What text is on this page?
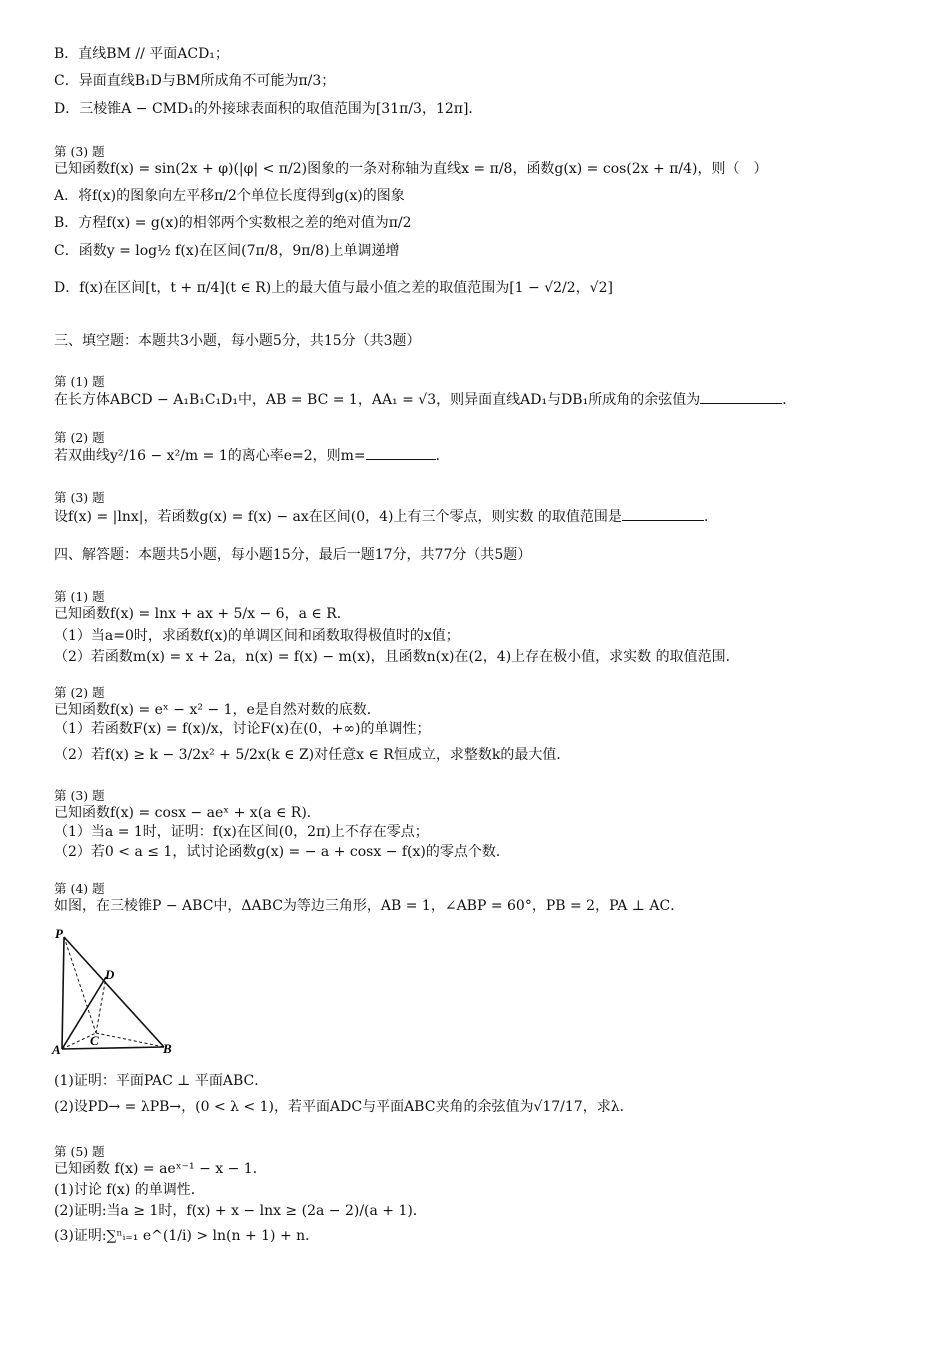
B．直线BM // 平面ACD₁；
C．异面直线B₁D与BM所成角不可能为π/3；
D．三棱锥A − CMD₁的外接球表面积的取值范围为[31π/3，12π]．
第 (3) 题
已知函数f(x) = sin(2x + φ)(|φ| < π/2)图象的一条对称轴为直线x = π/8，函数g(x) = cos(2x + π/4)，则（　）
A．将f(x)的图象向左平移π/2个单位长度得到g(x)的图象
B．方程f(x) = g(x)的相邻两个实数根之差的绝对值为π/2
C．函数y = log½ f(x)在区间(7π/8，9π/8)上单调递增
D．f(x)在区间[t，t + π/4](t ∈ R)上的最大值与最小值之差的取值范围为[1 − √2/2，√2]
三、填空题：本题共3小题，每小题5分，共15分（共3题）
第 (1) 题
在长方体ABCD − A₁B₁C₁D₁中，AB = BC = 1，AA₁ = √3，则异面直线AD₁与DB₁所成角的余弦值为	．
第 (2) 题
若双曲线y²/16 − x²/m = 1的离心率e=2，则m=	．
第 (3) 题
设f(x) = |lnx|，若函数g(x) = f(x) − ax在区间(0，4)上有三个零点，则实数 的取值范围是	．
四、解答题：本题共5小题，每小题15分，最后一题17分，共77分（共5题）
第 (1) 题
已知函数f(x) = lnx + ax + 5/x − 6，a ∈ R．
（1）当a=0时，求函数f(x)的单调区间和函数取得极值时的x值；
（2）若函数m(x) = x + 2a，n(x) = f(x) − m(x)，且函数n(x)在(2，4)上存在极小值，求实数 的取值范围．
第 (2) 题
已知函数f(x) = eˣ − x² − 1，e是自然对数的底数．
（1）若函数F(x) = f(x)/x，讨论F(x)在(0，+∞)的单调性；
（2）若f(x) ≥ k − 3/2x² + 5/2x(k ∈ Z)对任意x ∈ R恒成立，求整数k的最大值．
第 (3) 题
已知函数f(x) = cosx − aeˣ + x(a ∈ R)．
（1）当a = 1时，证明：f(x)在区间(0，2π)上不存在零点；
（2）若0 < a ≤ 1，试讨论函数g(x) = − a + cosx − f(x)的零点个数．
第 (4) 题
如图，在三棱锥P − ABC中，ΔABC为等边三角形，AB = 1，∠ABP = 60°，PB = 2，PA ⊥ AC．
P
D
C
A	B
(1)证明：平面PAC ⊥ 平面ABC．
(2)设PD→ = λPB→，(0 < λ < 1)，若平面ADC与平面ABC夹角的余弦值为√17/17，求λ．
第 (5) 题
已知函数 f(x) = aeˣ⁻¹ − x − 1．
(1)讨论 f(x) 的单调性．
(2)证明:当a ≥ 1时，f(x) + x − lnx ≥ (2a − 2)/(a + 1)．
(3)证明:∑ⁿᵢ₌₁ e^(1/i) > ln(n + 1) + n．
